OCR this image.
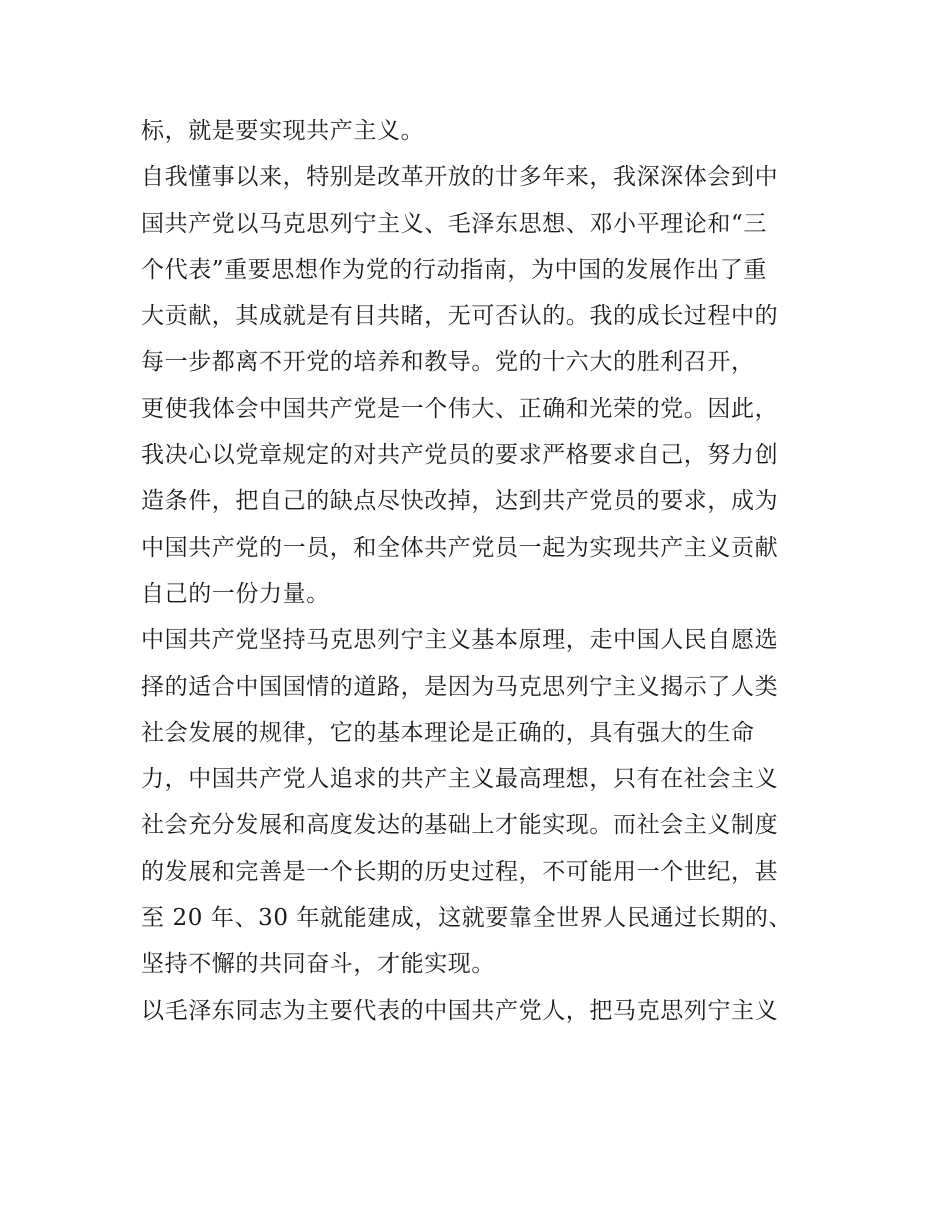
标，就是要实现共产主义。
自我懂事以来，特别是改革开放的廿多年来，我深深体会到中
国共产党以马克思列宁主义、毛泽东思想、邓小平理论和“三
个代表”重要思想作为党的行动指南，为中国的发展作出了重
大贡献，其成就是有目共睹，无可否认的。我的成长过程中的
每一步都离不开党的培养和教导。党的十六大的胜利召开，
更使我体会中国共产党是一个伟大、正确和光荣的党。因此，
我决心以党章规定的对共产党员的要求严格要求自己，努力创
造条件，把自己的缺点尽快改掉，达到共产党员的要求，成为
中国共产党的一员，和全体共产党员一起为实现共产主义贡献
自己的一份力量。
中国共产党坚持马克思列宁主义基本原理，走中国人民自愿选
择的适合中国国情的道路，是因为马克思列宁主义揭示了人类
社会发展的规律，它的基本理论是正确的，具有强大的生命
力，中国共产党人追求的共产主义最高理想，只有在社会主义
社会充分发展和高度发达的基础上才能实现。而社会主义制度
的发展和完善是一个长期的历史过程，不可能用一个世纪，甚
至 20 年、30 年就能建成，这就要靠全世界人民通过长期的、
坚持不懈的共同奋斗，才能实现。
以毛泽东同志为主要代表的中国共产党人，把马克思列宁主义
